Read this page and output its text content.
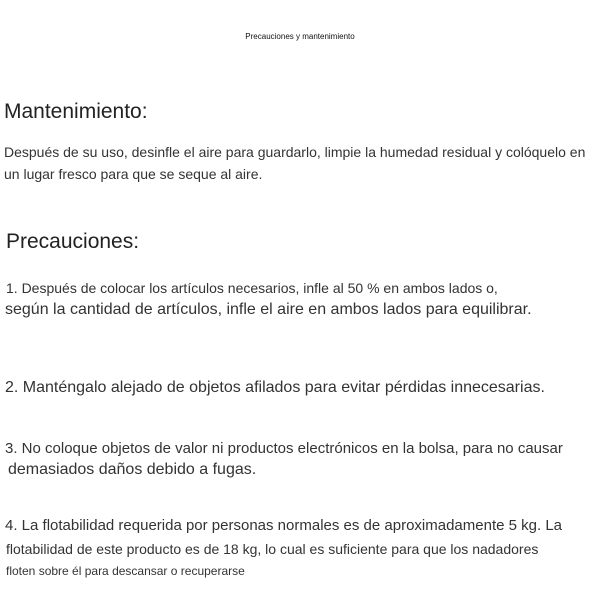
Precauciones y mantenimiento
Mantenimiento:
Después de su uso, desinfle el aire para guardarlo, limpie la humedad residual y colóquelo en
un lugar fresco para que se seque al aire.
Precauciones:
1. Después de colocar los artículos necesarios, infle al 50 % en ambos lados o,
según la cantidad de artículos, infle el aire en ambos lados para equilibrar.
2. Manténgalo alejado de objetos afilados para evitar pérdidas innecesarias.
3. No coloque objetos de valor ni productos electrónicos en la bolsa, para no causar
demasiados daños debido a fugas.
4. La flotabilidad requerida por personas normales es de aproximadamente 5 kg. La
flotabilidad de este producto es de 18 kg, lo cual es suficiente para que los nadadores
floten sobre él para descansar o recuperarse
